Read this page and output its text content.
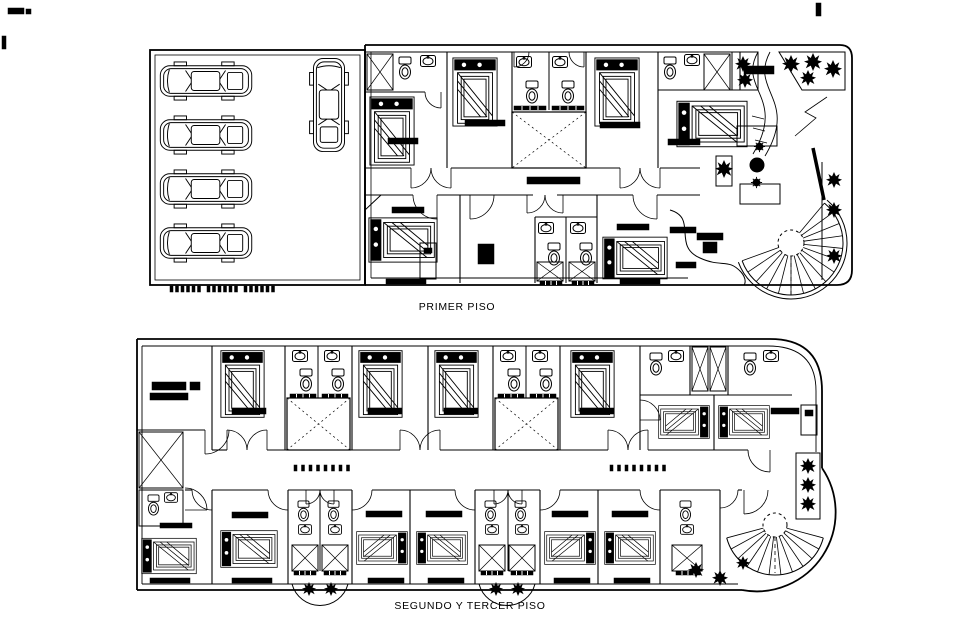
PRIMER PISO
SEGUNDO Y TERCER PISO
